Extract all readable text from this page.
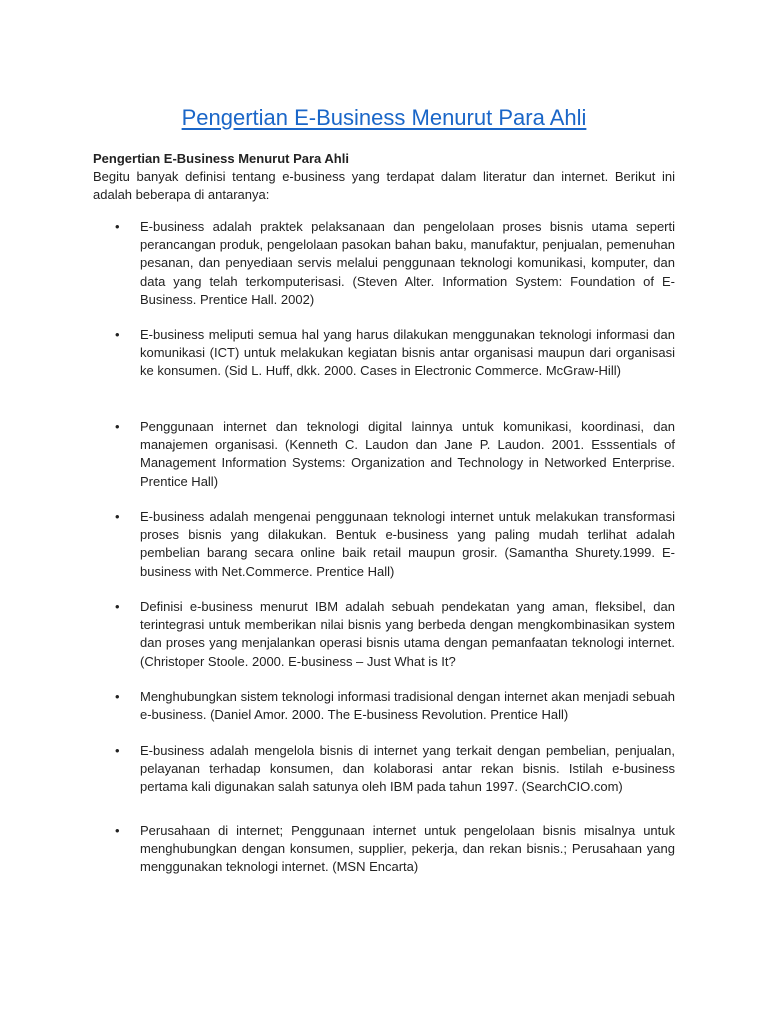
Pengertian E-Business Menurut Para Ahli
Pengertian E-Business Menurut Para Ahli
Begitu banyak definisi tentang e-business yang terdapat dalam literatur dan internet. Berikut ini adalah beberapa di antaranya:
• E-business adalah praktek pelaksanaan dan pengelolaan proses bisnis utama seperti perancangan produk, pengelolaan pasokan bahan baku, manufaktur, penjualan, pemenuhan pesanan, dan penyediaan servis melalui penggunaan teknologi komunikasi, komputer, dan data yang telah terkomputerisasi. (Steven Alter. Information System: Foundation of E-Business. Prentice Hall. 2002)
• E-business meliputi semua hal yang harus dilakukan menggunakan teknologi informasi dan komunikasi (ICT) untuk melakukan kegiatan bisnis antar organisasi maupun dari organisasi ke konsumen. (Sid L. Huff, dkk. 2000. Cases in Electronic Commerce. McGraw-Hill)
• Penggunaan internet dan teknologi digital lainnya untuk komunikasi, koordinasi, dan manajemen organisasi. (Kenneth C. Laudon dan Jane P. Laudon. 2001. Esssentials of Management Information Systems: Organization and Technology in Networked Enterprise. Prentice Hall)
• E-business adalah mengenai penggunaan teknologi internet untuk melakukan transformasi proses bisnis yang dilakukan. Bentuk e-business yang paling mudah terlihat adalah pembelian barang secara online baik retail maupun grosir. (Samantha Shurety.1999. E-business with Net.Commerce. Prentice Hall)
• Definisi e-business menurut IBM adalah sebuah pendekatan yang aman, fleksibel, dan terintegrasi untuk memberikan nilai bisnis yang berbeda dengan mengkombinasikan system dan proses yang menjalankan operasi bisnis utama dengan pemanfaatan teknologi internet. (Christoper Stoole. 2000. E-business – Just What is It?
• Menghubungkan sistem teknologi informasi tradisional dengan internet akan menjadi sebuah e-business. (Daniel Amor. 2000. The E-business Revolution. Prentice Hall)
• E-business adalah mengelola bisnis di internet yang terkait dengan pembelian, penjualan, pelayanan terhadap konsumen, dan kolaborasi antar rekan bisnis. Istilah e-business pertama kali digunakan salah satunya oleh IBM pada tahun 1997. (SearchCIO.com)
• Perusahaan di internet; Penggunaan internet untuk pengelolaan bisnis misalnya untuk menghubungkan dengan konsumen, supplier, pekerja, dan rekan bisnis.; Perusahaan yang menggunakan teknologi internet. (MSN Encarta)
